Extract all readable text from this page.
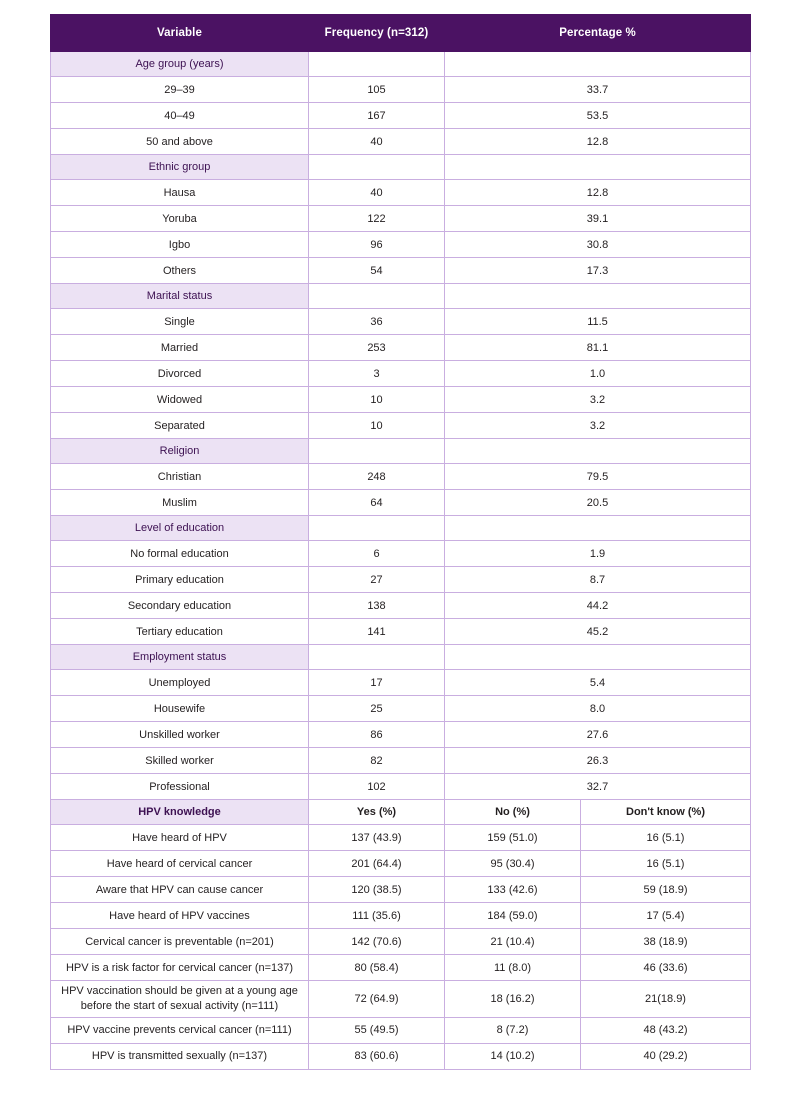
Variable	Frequency (n=312)	Percentage %	
Age group (years)			
29–39	105	33.7	
40–49	167	53.5	
50 and above	40	12.8	
Ethnic group			
Hausa	40	12.8	
Yoruba	122	39.1	
Igbo	96	30.8	
Others	54	17.3	
Marital status			
Single	36	11.5	
Married	253	81.1	
Divorced	3	1.0	
Widowed	10	3.2	
Separated	10	3.2	
Religion			
Christian	248	79.5	
Muslim	64	20.5	
Level of education			
No formal education	6	1.9	
Primary education	27	8.7	
Secondary education	138	44.2	
Tertiary education	141	45.2	
Employment status			
Unemployed	17	5.4	
Housewife	25	8.0	
Unskilled worker	86	27.6	
Skilled worker	82	26.3	
Professional	102	32.7	
HPV knowledge	Yes (%)	No (%)	Don't know (%)
Have heard of HPV	137 (43.9)	159 (51.0)	16 (5.1)
Have heard of cervical cancer	201 (64.4)	95 (30.4)	16 (5.1)
Aware that HPV can cause cancer	120 (38.5)	133 (42.6)	59 (18.9)
Have heard of HPV vaccines	111 (35.6)	184 (59.0)	17 (5.4)
Cervical cancer is preventable (n=201)	142 (70.6)	21 (10.4)	38 (18.9)
HPV is a risk factor for cervical cancer (n=137)	80 (58.4)	11 (8.0)	46 (33.6)
HPV vaccination should be given at a young age before the start of sexual activity (n=111)	72 (64.9)	18 (16.2)	21(18.9)
HPV vaccine prevents cervical cancer (n=111)	55 (49.5)	8 (7.2)	48 (43.2)
HPV is transmitted sexually (n=137)	83 (60.6)	14 (10.2)	40 (29.2)
